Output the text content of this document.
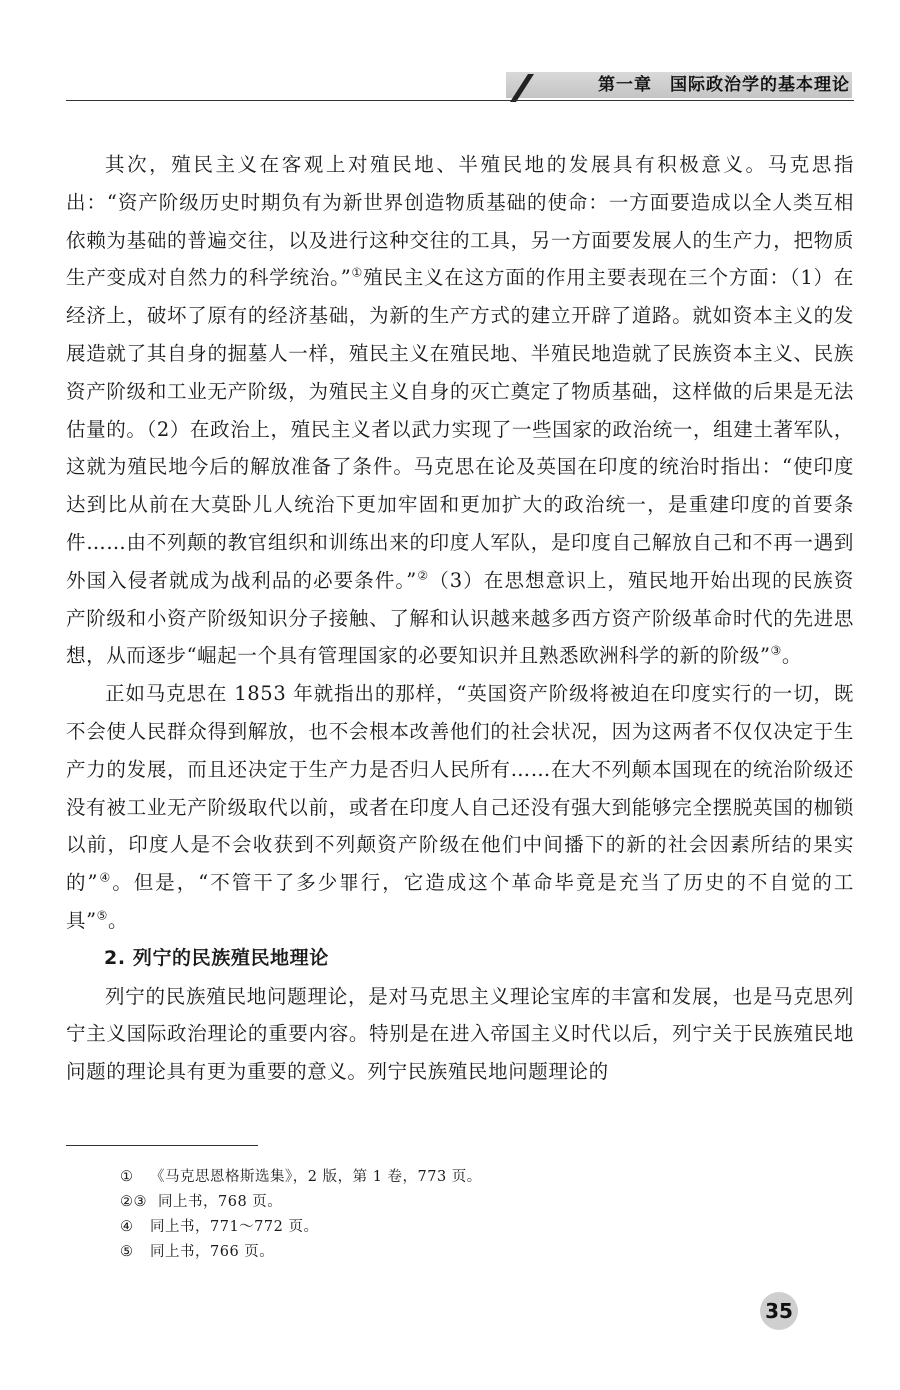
第一章　国际政治学的基本理论

其次，殖民主义在客观上对殖民地、半殖民地的发展具有积极意义。马克思指出：“资产阶级历史时期负有为新世界创造物质基础的使命：一方面要造成以全人类互相依赖为基础的普遍交往，以及进行这种交往的工具，另一方面要发展人的生产力，把物质生产变成对自然力的科学统治。”①殖民主义在这方面的作用主要表现在三个方面：（1）在经济上，破坏了原有的经济基础，为新的生产方式的建立开辟了道路。就如资本主义的发展造就了其自身的掘墓人一样，殖民主义在殖民地、半殖民地造就了民族资本主义、民族资产阶级和工业无产阶级，为殖民主义自身的灭亡奠定了物质基础，这样做的后果是无法估量的。（2）在政治上，殖民主义者以武力实现了一些国家的政治统一，组建土著军队，这就为殖民地今后的解放准备了条件。马克思在论及英国在印度的统治时指出：“使印度达到比从前在大莫卧儿人统治下更加牢固和更加扩大的政治统一，是重建印度的首要条件……由不列颠的教官组织和训练出来的印度人军队，是印度自己解放自己和不再一遇到外国入侵者就成为战利品的必要条件。”②（3）在思想意识上，殖民地开始出现的民族资产阶级和小资产阶级知识分子接触、了解和认识越来越多西方资产阶级革命时代的先进思想，从而逐步“崛起一个具有管理国家的必要知识并且熟悉欧洲科学的新的阶级”③。

正如马克思在 1853 年就指出的那样，“英国资产阶级将被迫在印度实行的一切，既不会使人民群众得到解放，也不会根本改善他们的社会状况，因为这两者不仅仅决定于生产力的发展，而且还决定于生产力是否归人民所有……在大不列颠本国现在的统治阶级还没有被工业无产阶级取代以前，或者在印度人自己还没有强大到能够完全摆脱英国的枷锁以前，印度人是不会收获到不列颠资产阶级在他们中间播下的新的社会因素所结的果实的”④。但是，“不管干了多少罪行，它造成这个革命毕竟是充当了历史的不自觉的工具”⑤。

2. 列宁的民族殖民地理论

列宁的民族殖民地问题理论，是对马克思主义理论宝库的丰富和发展，也是马克思列宁主义国际政治理论的重要内容。特别是在进入帝国主义时代以后，列宁关于民族殖民地问题的理论具有更为重要的意义。列宁民族殖民地问题理论的

① 《马克思恩格斯选集》，2 版，第 1 卷，773 页。

②③ 同上书，768 页。

④ 同上书，771～772 页。

⑤ 同上书，766 页。

35
